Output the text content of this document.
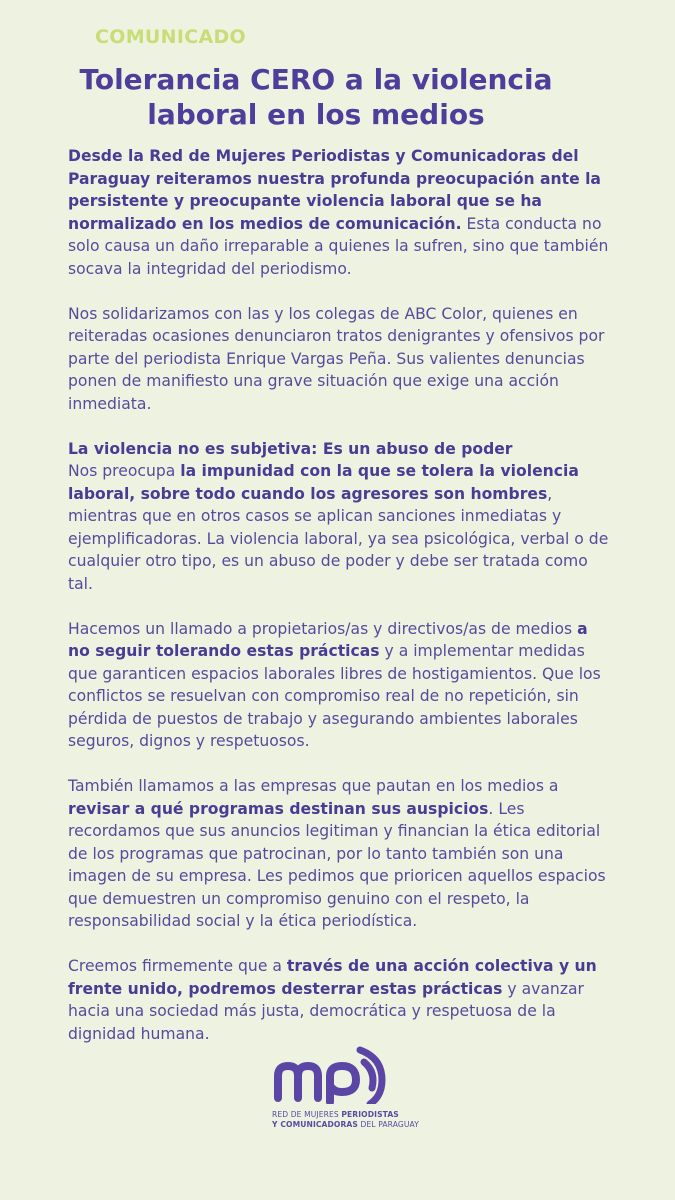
COMUNICADO
Tolerancia CERO a la violencia
laboral en los medios

Desde la Red de Mujeres Periodistas y Comunicadoras del Paraguay reiteramos nuestra profunda preocupación ante la persistente y preocupante violencia laboral que se ha normalizado en los medios de comunicación. Esta conducta no solo causa un daño irreparable a quienes la sufren, sino que también socava la integridad del periodismo.

Nos solidarizamos con las y los colegas de ABC Color, quienes en reiteradas ocasiones denunciaron tratos denigrantes y ofensivos por parte del periodista Enrique Vargas Peña. Sus valientes denuncias ponen de manifiesto una grave situación que exige una acción inmediata.

La violencia no es subjetiva: Es un abuso de poder
Nos preocupa la impunidad con la que se tolera la violencia laboral, sobre todo cuando los agresores son hombres, mientras que en otros casos se aplican sanciones inmediatas y ejemplificadoras. La violencia laboral, ya sea psicológica, verbal o de cualquier otro tipo, es un abuso de poder y debe ser tratada como tal.

Hacemos un llamado a propietarios/as y directivos/as de medios a no seguir tolerando estas prácticas y a implementar medidas que garanticen espacios laborales libres de hostigamientos. Que los conflictos se resuelvan con compromiso real de no repetición, sin pérdida de puestos de trabajo y asegurando ambientes laborales seguros, dignos y respetuosos.

También llamamos a las empresas que pautan en los medios a revisar a qué programas destinan sus auspicios. Les recordamos que sus anuncios legitiman y financian la ética editorial de los programas que patrocinan, por lo tanto también son una imagen de su empresa. Les pedimos que prioricen aquellos espacios que demuestren un compromiso genuino con el respeto, la responsabilidad social y la ética periodística.

Creemos firmemente que a través de una acción colectiva y un frente unido, podremos desterrar estas prácticas y avanzar hacia una sociedad más justa, democrática y respetuosa de la dignidad humana.

RED DE MUJERES PERIODISTAS
Y COMUNICADORAS DEL PARAGUAY
